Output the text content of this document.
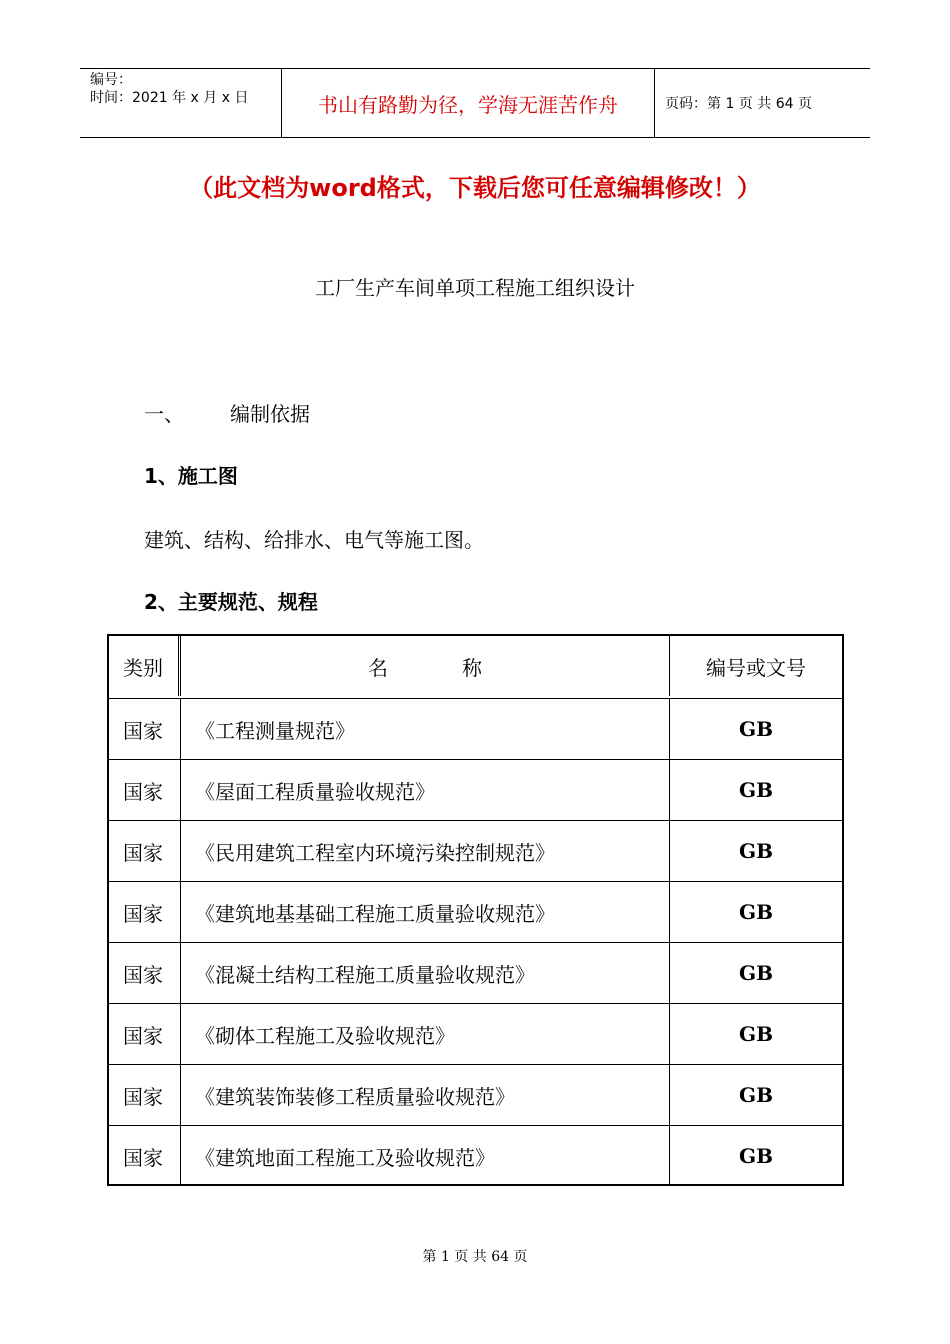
编号：
时间：2021 年 x 月 x 日	书山有路勤为径，学海无涯苦作舟	页码：第 1 页 共 64 页
（此文档为word格式，下载后您可任意编辑修改！）
工厂生产车间单项工程施工组织设计
一、 编制依据
1、施工图
建筑、结构、给排水、电气等施工图。
2、主要规范、规程
类别	名称	编号或文号
国家	《工程测量规范》	GB
国家	《屋面工程质量验收规范》	GB
国家	《民用建筑工程室内环境污染控制规范》	GB
国家	《建筑地基基础工程施工质量验收规范》	GB
国家	《混凝土结构工程施工质量验收规范》	GB
国家	《砌体工程施工及验收规范》	GB
国家	《建筑装饰装修工程质量验收规范》	GB
国家	《建筑地面工程施工及验收规范》	GB
第 1 页 共 64 页
